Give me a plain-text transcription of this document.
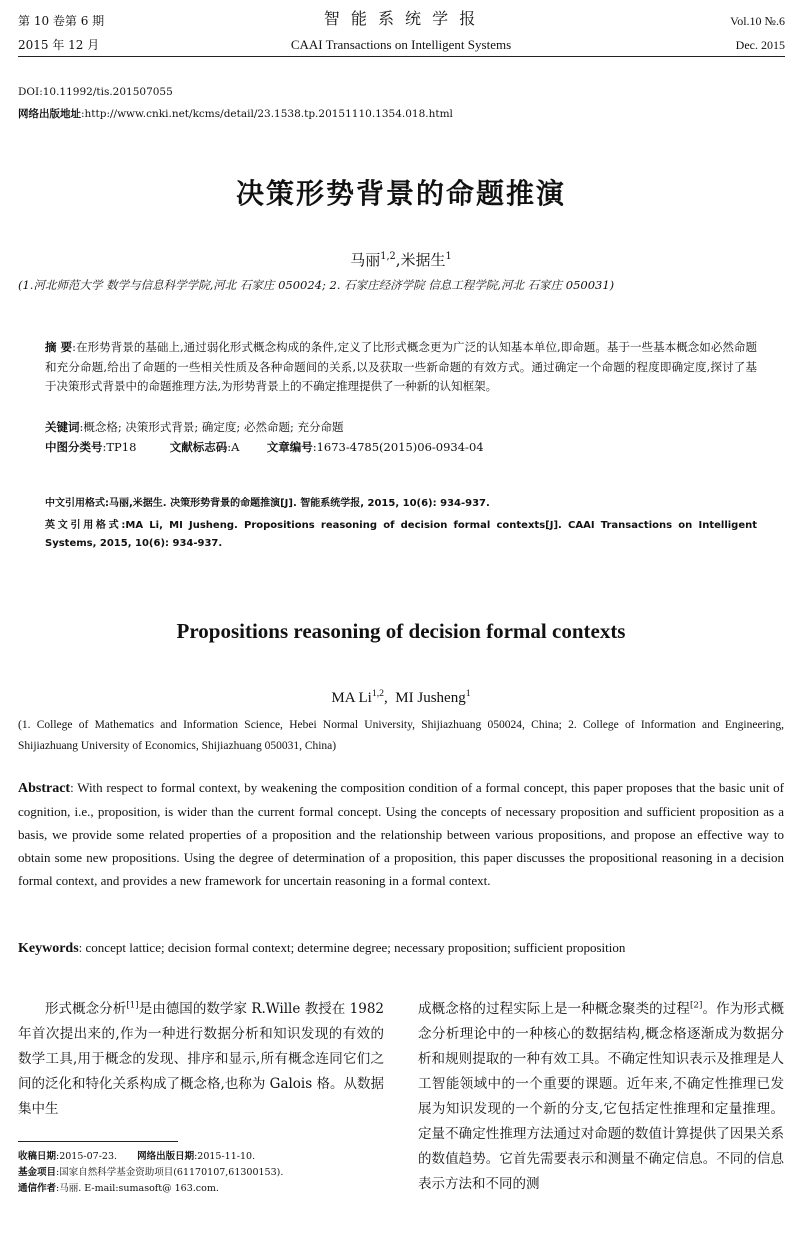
第 10 卷第 6 期
2015 年 12 月
智 能 系 统 学 报
CAAI Transactions on Intelligent Systems
Vol.10 №.6
Dec. 2015
DOI:10.11992/tis.201507055
网络出版地址:http://www.cnki.net/kcms/detail/23.1538.tp.20151110.1354.018.html
决策形势背景的命题推演
马丽$^{1,2}$,米据生$^1$
(1.河北师范大学 数学与信息科学学院,河北 石家庄 050024; 2. 石家庄经济学院 信息工程学院,河北 石家庄 050031)
摘 要:在形势背景的基础上,通过弱化形式概念构成的条件,定义了比形式概念更为广泛的认知基本单位,即命题。基于一些基本概念如必然命题和充分命题,给出了命题的一些相关性质及各种命题间的关系,以及获取一些新命题的有效方式。通过确定一个命题的程度即确定度,探讨了基于决策形式背景中的命题推理方法,为形势背景上的不确定推理提供了一种新的认知框架。
关键词:概念格; 决策形式背景; 确定度; 必然命题; 充分命题
中图分类号:TP18	文献标志码:A 文章编号:1673-4785(2015)06-0934-04
中文引用格式:马丽,米据生. 决策形势背景的命题推演[J]. 智能系统学报, 2015, 10(6): 934-937.
英文引用格式:MA Li, MI Jusheng. Propositions reasoning of decision formal contexts[J]. CAAI Transactions on Intelligent Systems, 2015, 10(6): 934-937.
Propositions reasoning of decision formal contexts
MA Li$^{1,2}$,  MI Jusheng$^1$
(1. College of Mathematics and Information Science, Hebei Normal University, Shijiazhuang 050024, China; 2. College of Information and Engineering, Shijiazhuang University of Economics, Shijiazhuang 050031, China)
Abstract: With respect to formal context, by weakening the composition condition of a formal concept, this paper proposes that the basic unit of cognition, i.e., proposition, is wider than the current formal concept. Using the concepts of necessary proposition and sufficient proposition as a basis, we provide some related properties of a proposition and the relationship between various propositions, and propose an effective way to obtain some new propositions. Using the degree of determination of a proposition, this paper discusses the propositional reasoning in a decision formal context, and provides a new framework for uncertain reasoning in a formal context.
Keywords: concept lattice; decision formal context; determine degree; necessary proposition; sufficient proposition

形式概念分析[1]是由德国的数学家 R.Wille 教授在 1982 年首次提出来的,作为一种进行数据分析和知识发现的有效的数学工具,用于概念的发现、排序和显示,所有概念连同它们之间的泛化和特化关系构成了概念格,也称为 Galois 格。从数据集中生

收稿日期:2015-07-23. 网络出版日期:2015-11-10.
基金项目:国家自然科学基金资助项目(61170107,61300153).
通信作者:马丽. E-mail:sumasoft@ 163.com.

成概念格的过程实际上是一种概念聚类的过程[2]。作为形式概念分析理论中的一种核心的数据结构,概念格逐渐成为数据分析和规则提取的一种有效工具。不确定性知识表示及推理是人工智能领域中的一个重要的课题。近年来,不确定性推理已发展为知识发现的一个新的分支,它包括定性推理和定量推理。定量不确定性推理方法通过对命题的数值计算提供了因果关系的数值趋势。它首先需要表示和测量不确定信息。不同的信息表示方法和不同的测
